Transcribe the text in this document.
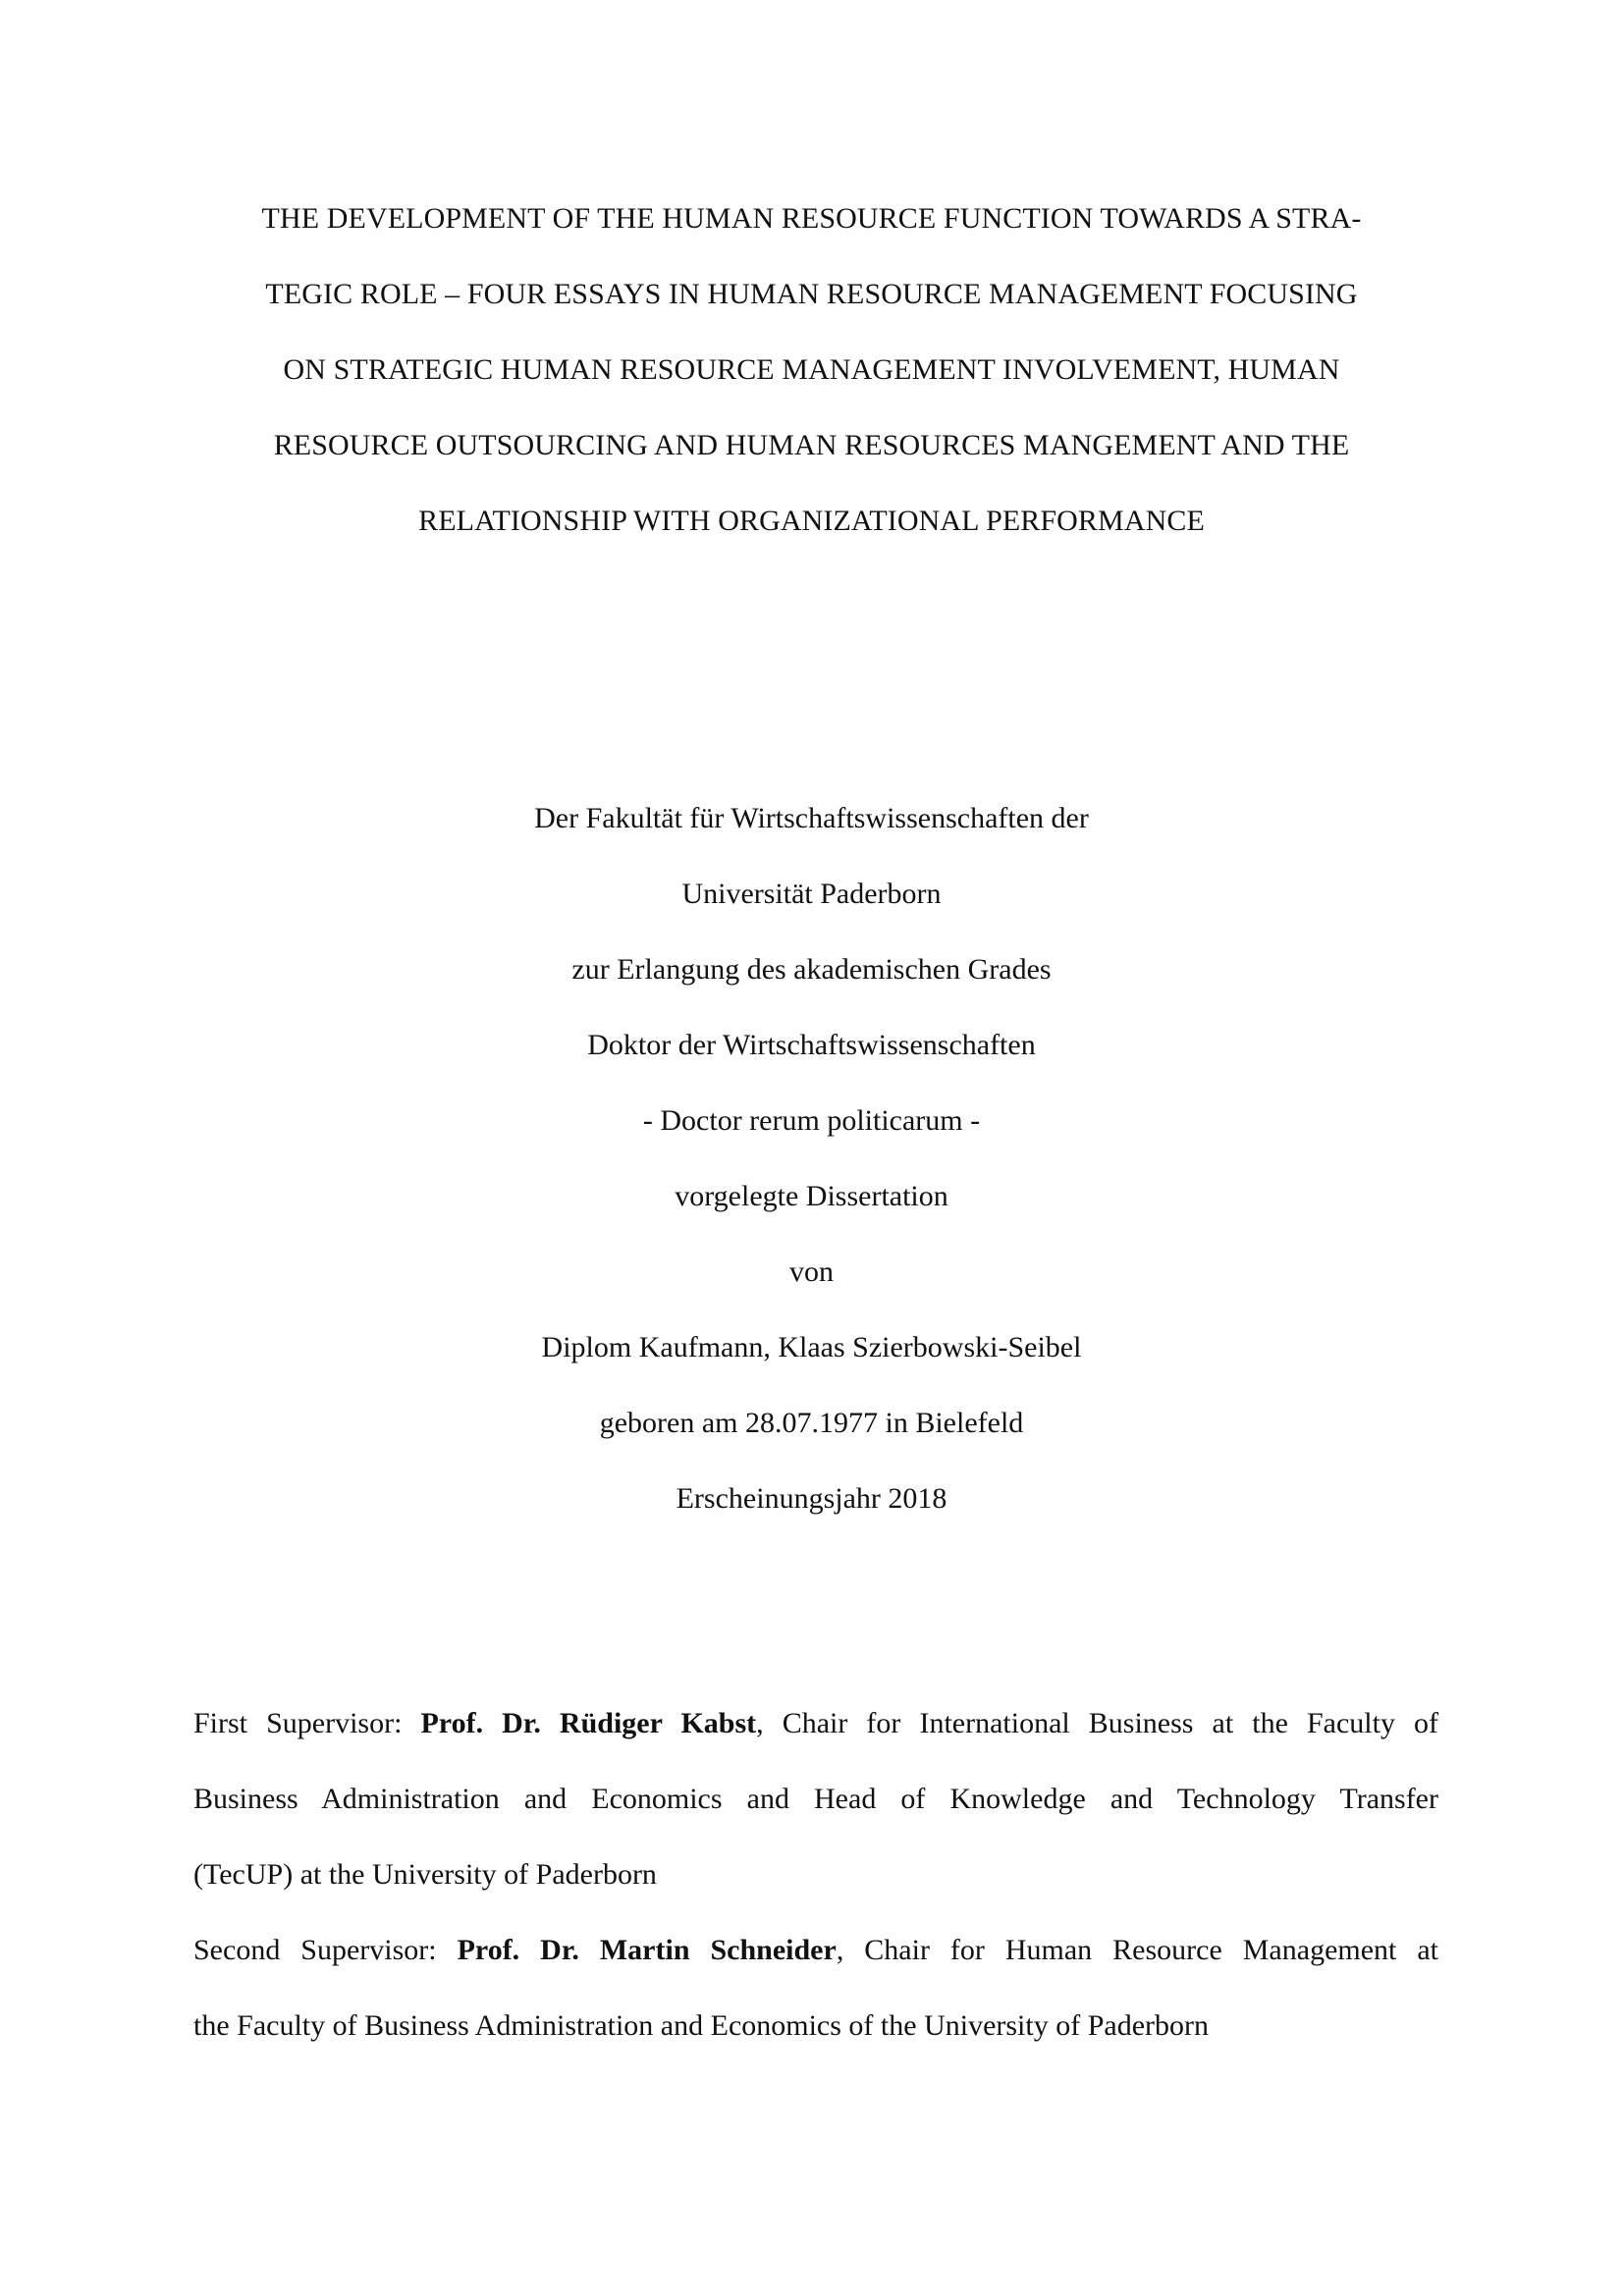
THE DEVELOPMENT OF THE HUMAN RESOURCE FUNCTION TOWARDS A STRA-
TEGIC ROLE – FOUR ESSAYS IN HUMAN RESOURCE MANAGEMENT FOCUSING
ON STRATEGIC HUMAN RESOURCE MANAGEMENT INVOLVEMENT, HUMAN
RESOURCE OUTSOURCING AND HUMAN RESOURCES MANGEMENT AND THE
RELATIONSHIP WITH ORGANIZATIONAL PERFORMANCE
Der Fakultät für Wirtschaftswissenschaften der
Universität Paderborn
zur Erlangung des akademischen Grades
Doktor der Wirtschaftswissenschaften
- Doctor rerum politicarum -
vorgelegte Dissertation
von
Diplom Kaufmann, Klaas Szierbowski-Seibel
geboren am 28.07.1977 in Bielefeld
Erscheinungsjahr 2018
First Supervisor: Prof. Dr. Rüdiger Kabst, Chair for International Business at the Faculty of
Business Administration and Economics and Head of Knowledge and Technology Transfer
(TecUP) at the University of Paderborn
Second Supervisor: Prof. Dr. Martin Schneider, Chair for Human Resource Management at
the Faculty of Business Administration and Economics of the University of Paderborn
